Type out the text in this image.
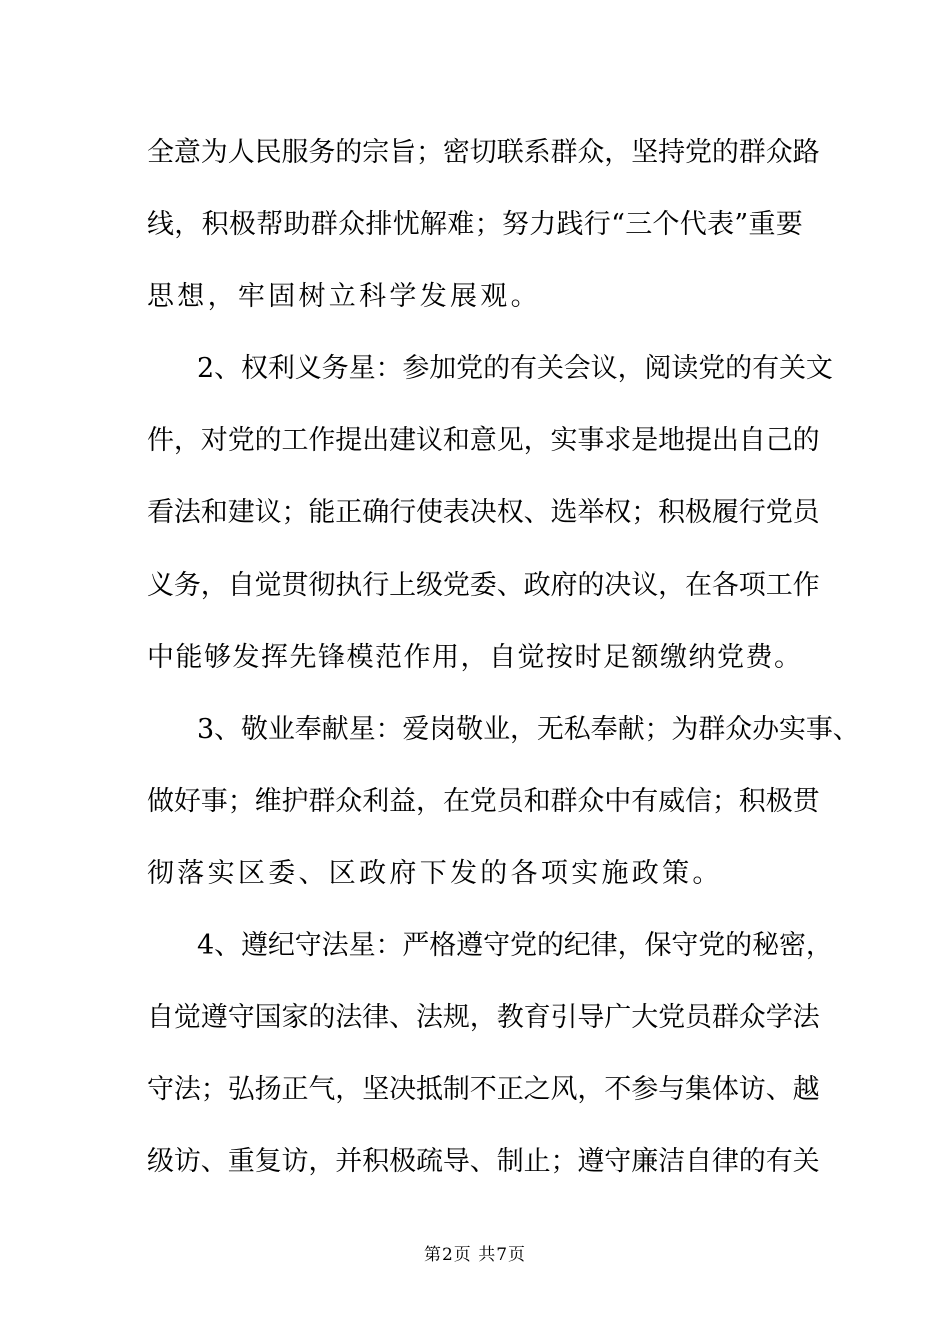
全意为人民服务的宗旨；密切联系群众，坚持党的群众路
线，积极帮助群众排忧解难；努力践行“三个代表”重要
思想，牢固树立科学发展观。
2、权利义务星：参加党的有关会议，阅读党的有关文
件，对党的工作提出建议和意见，实事求是地提出自己的
看法和建议；能正确行使表决权、选举权；积极履行党员
义务，自觉贯彻执行上级党委、政府的决议，在各项工作
中能够发挥先锋模范作用，自觉按时足额缴纳党费。
3、敬业奉献星：爱岗敬业，无私奉献；为群众办实事、
做好事；维护群众利益，在党员和群众中有威信；积极贯
彻落实区委、区政府下发的各项实施政策。
4、遵纪守法星：严格遵守党的纪律，保守党的秘密，
自觉遵守国家的法律、法规，教育引导广大党员群众学法
守法；弘扬正气，坚决抵制不正之风，不参与集体访、越
级访、重复访，并积极疏导、制止；遵守廉洁自律的有关
第2页 共7页
